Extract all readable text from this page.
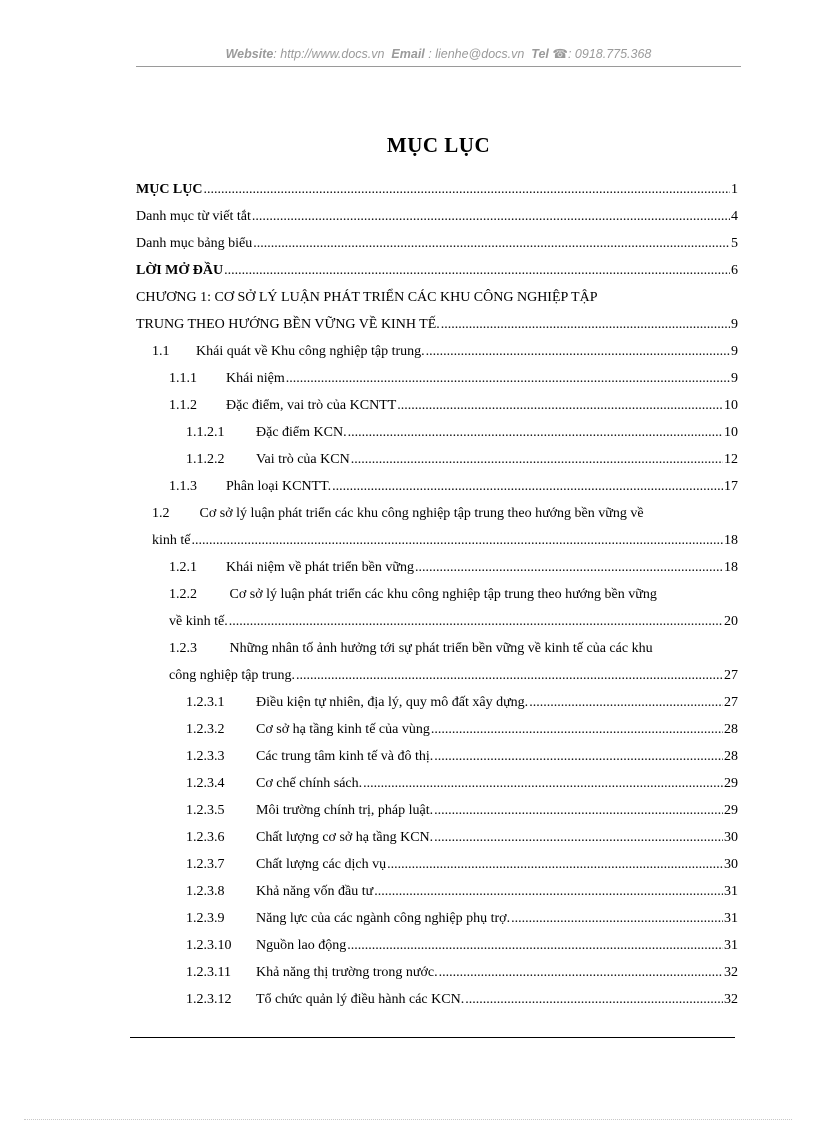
Website: http://www.docs.vn Email : lienhe@docs.vn Tel ☎: 0918.775.368
MỤC LỤC
MỤC LỤC .....	1
Danh mục từ viết tắt .....	4
Danh mục bảng biểu .....	5
LỜI MỞ ĐẦU .....	6
CHƯƠNG 1: CƠ SỞ LÝ LUẬN PHÁT TRIỂN CÁC KHU CÔNG NGHIỆP TẬP
TRUNG THEO HƯỚNG BỀN VỮNG VỀ KINH TẾ. .....	9
1.1	Khái quát về Khu công nghiệp tập trung. .....	9
1.1.1	Khái niệm .....	9
1.1.2	Đặc điểm, vai trò của KCNTT .....	10
1.1.2.1	Đặc điểm KCN. .....	10
1.1.2.2	Vai trò của KCN .....	12
1.1.3	Phân loại KCNTT. .....	17
1.2 Cơ sở lý luận phát triển các khu công nghiệp tập trung theo hướng bền vững về
kinh tế .....	18
1.2.1	Khái niệm về phát triển bền vững .....	18
1.2.2 Cơ sở lý luận phát triển các khu công nghiệp tập trung theo hướng bền vững
về kinh tế. .....	20
1.2.3 Những nhân tố ảnh hưởng tới sự phát triển bền vững về kinh tế của các khu
công nghiệp tập trung. .....	27
1.2.3.1	Điều kiện tự nhiên, địa lý, quy mô đất xây dựng. .....	27
1.2.3.2	Cơ sở hạ tầng kinh tế của vùng .....	28
1.2.3.3	Các trung tâm kinh tế và đô thị. .....	28
1.2.3.4	Cơ chế chính sách. .....	29
1.2.3.5	Môi trường chính trị, pháp luật. .....	29
1.2.3.6	Chất lượng cơ sở hạ tầng KCN. .....	30
1.2.3.7	Chất lượng các dịch vụ .....	30
1.2.3.8	Khả năng vốn đầu tư .....	31
1.2.3.9	Năng lực của các ngành công nghiệp phụ trợ. .....	31
1.2.3.10	Nguồn lao động .....	31
1.2.3.11	Khả năng thị trường trong nước. .....	32
1.2.3.12	Tổ chức quản lý điều hành các KCN. .....	32
